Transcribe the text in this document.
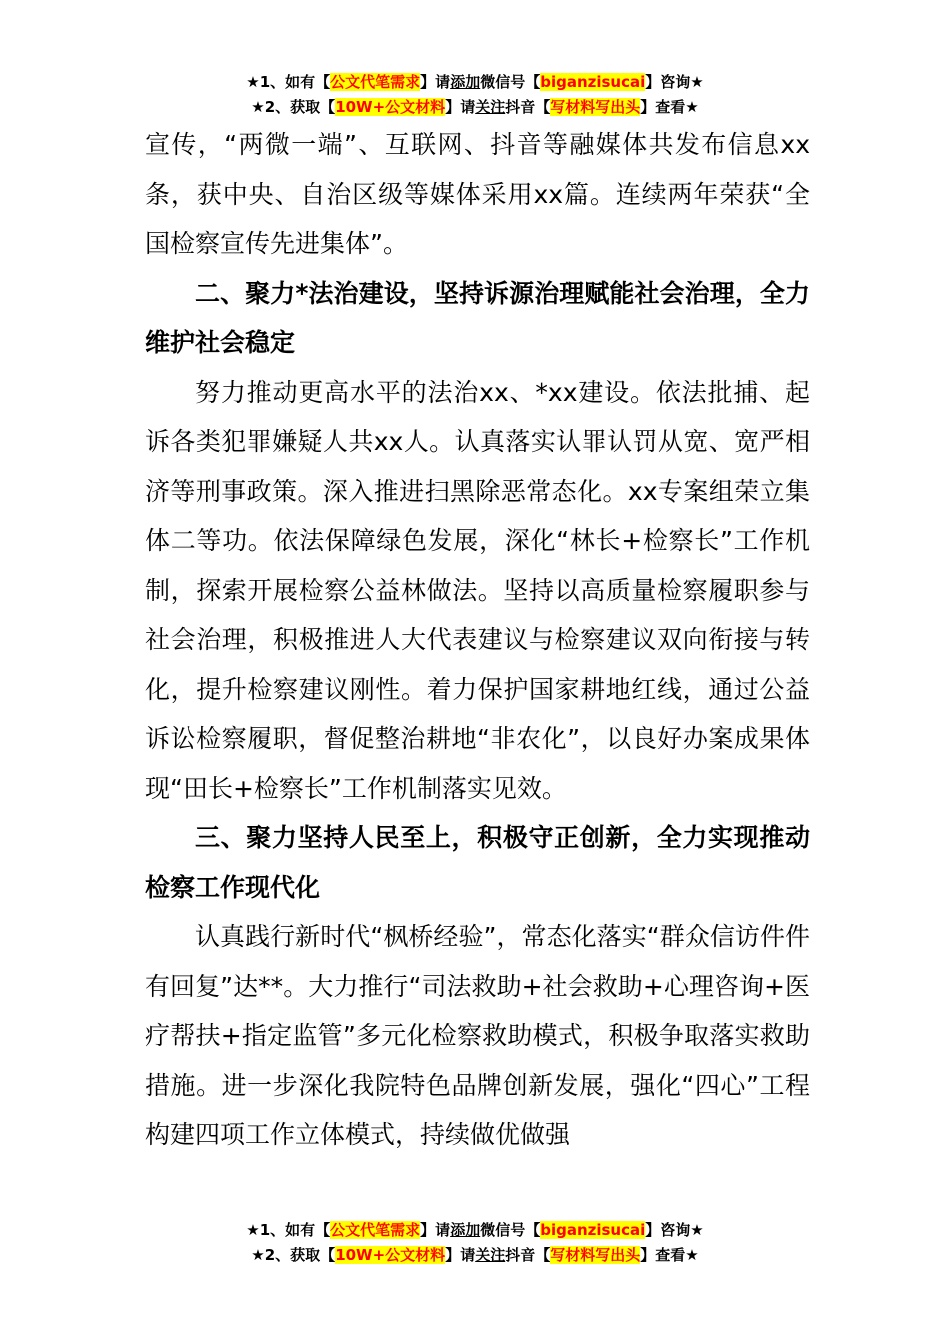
★1、如有【公文代笔需求】请添加微信号【biganzisucai】咨询★
★2、获取【10W+公文材料】请关注抖音【写材料写出头】查看★

宣传，“两微一端”、互联网、抖音等融媒体共发布信息xx条，获中央、自治区级等媒体采用xx篇。连续两年荣获“全国检察宣传先进集体”。

二、聚力*法治建设，坚持诉源治理赋能社会治理，全力维护社会稳定

努力推动更高水平的法治xx、*xx建设。依法批捕、起诉各类犯罪嫌疑人共xx人。认真落实认罪认罚从宽、宽严相济等刑事政策。深入推进扫黑除恶常态化。xx专案组荣立集体二等功。依法保障绿色发展，深化“林长+检察长”工作机制，探索开展检察公益林做法。坚持以高质量检察履职参与社会治理，积极推进人大代表建议与检察建议双向衔接与转化，提升检察建议刚性。着力保护国家耕地红线，通过公益诉讼检察履职，督促整治耕地“非农化”，以良好办案成果体现“田长+检察长”工作机制落实见效。

三、聚力坚持人民至上，积极守正创新，全力实现推动检察工作现代化

认真践行新时代“枫桥经验”，常态化落实“群众信访件件有回复”达**。大力推行“司法救助+社会救助+心理咨询+医疗帮扶+指定监管”多元化检察救助模式，积极争取落实救助措施。进一步深化我院特色品牌创新发展，强化“四心”工程构建四项工作立体模式，持续做优做强

★1、如有【公文代笔需求】请添加微信号【biganzisucai】咨询★
★2、获取【10W+公文材料】请关注抖音【写材料写出头】查看★
